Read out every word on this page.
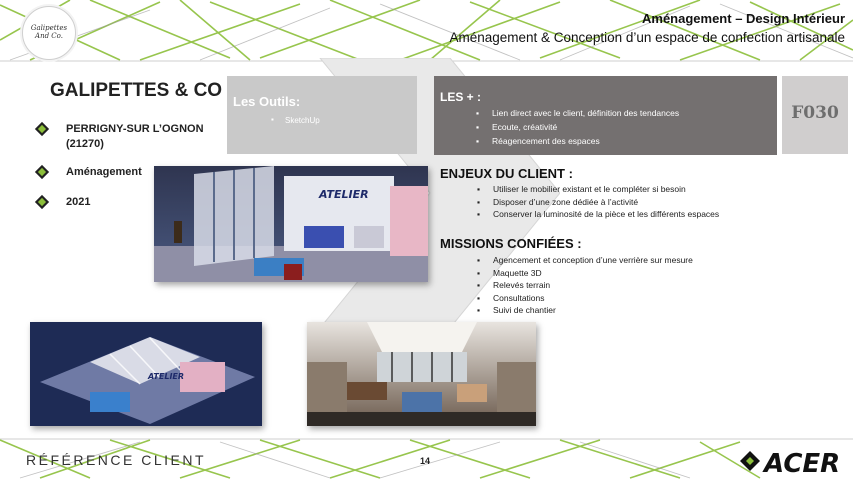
Galipettes
And Co.
Aménagement – Design Intérieur
Aménagement & Conception d’un espace de confection artisanale
GALIPETTES & CO
PERRIGNY-SUR L’OGNON
(21270)
Aménagement
2021
Les Outils:
▪ SketchUp
LES + :
▪ Lien direct avec le client, définition des tendances
▪ Ecoute, créativité
▪ Réagencement des espaces
F030
ATELIER
ENJEUX DU CLIENT :
▪ Utiliser le mobilier existant et le compléter si besoin
▪ Disposer d’une zone dédiée à l’activité
▪ Conserver la luminosité de la pièce et les différents espaces
MISSIONS CONFIÉES :
▪ Agencement et conception d’une verrière sur mesure
▪ Maquette 3D
▪ Relevés terrain
▪ Consultations
▪ Suivi de chantier
ATELIER
RÉFÉRENCE CLIENT	14	ACER
